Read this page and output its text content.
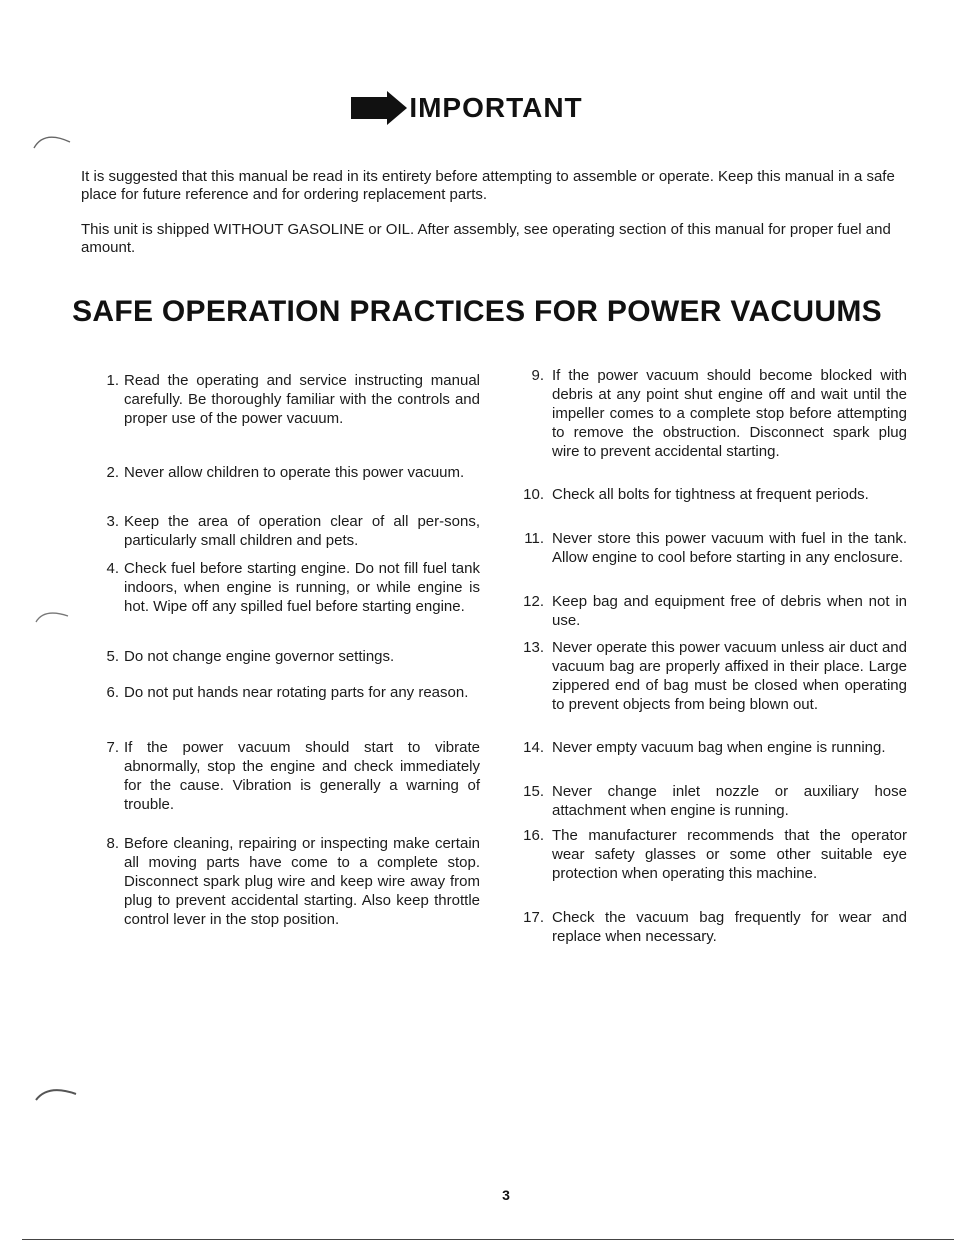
IMPORTANT
It is suggested that this manual be read in its entirety before attempting to assemble or operate. Keep this manual in a safe place for future reference and for ordering replacement parts.
This unit is shipped WITHOUT GASOLINE or OIL. After assembly, see operating section of this manual for proper fuel and amount.
SAFE OPERATION PRACTICES FOR POWER VACUUMS
1. Read the operating and service instructing manual carefully. Be thoroughly familiar with the controls and proper use of the power vacuum.
2. Never allow children to operate this power vacuum.
3. Keep the area of operation clear of all per-sons, particularly small children and pets.
4. Check fuel before starting engine. Do not fill fuel tank indoors, when engine is running, or while engine is hot. Wipe off any spilled fuel before starting engine.
5. Do not change engine governor settings.
6. Do not put hands near rotating parts for any reason.
7. If the power vacuum should start to vibrate abnormally, stop the engine and check immediately for the cause. Vibration is generally a warning of trouble.
8. Before cleaning, repairing or inspecting make certain all moving parts have come to a complete stop. Disconnect spark plug wire and keep wire away from plug to prevent accidental starting. Also keep throttle control lever in the stop position.
9. If the power vacuum should become blocked with debris at any point shut engine off and wait until the impeller comes to a complete stop before attempting to remove the obstruction. Disconnect spark plug wire to prevent accidental starting.
10. Check all bolts for tightness at frequent periods.
11. Never store this power vacuum with fuel in the tank. Allow engine to cool before starting in any enclosure.
12. Keep bag and equipment free of debris when not in use.
13. Never operate this power vacuum unless air duct and vacuum bag are properly affixed in their place. Large zippered end of bag must be closed when operating to prevent objects from being blown out.
14. Never empty vacuum bag when engine is running.
15. Never change inlet nozzle or auxiliary hose attachment when engine is running.
16. The manufacturer recommends that the operator wear safety glasses or some other suitable eye protection when operating this machine.
17. Check the vacuum bag frequently for wear and replace when necessary.
3
